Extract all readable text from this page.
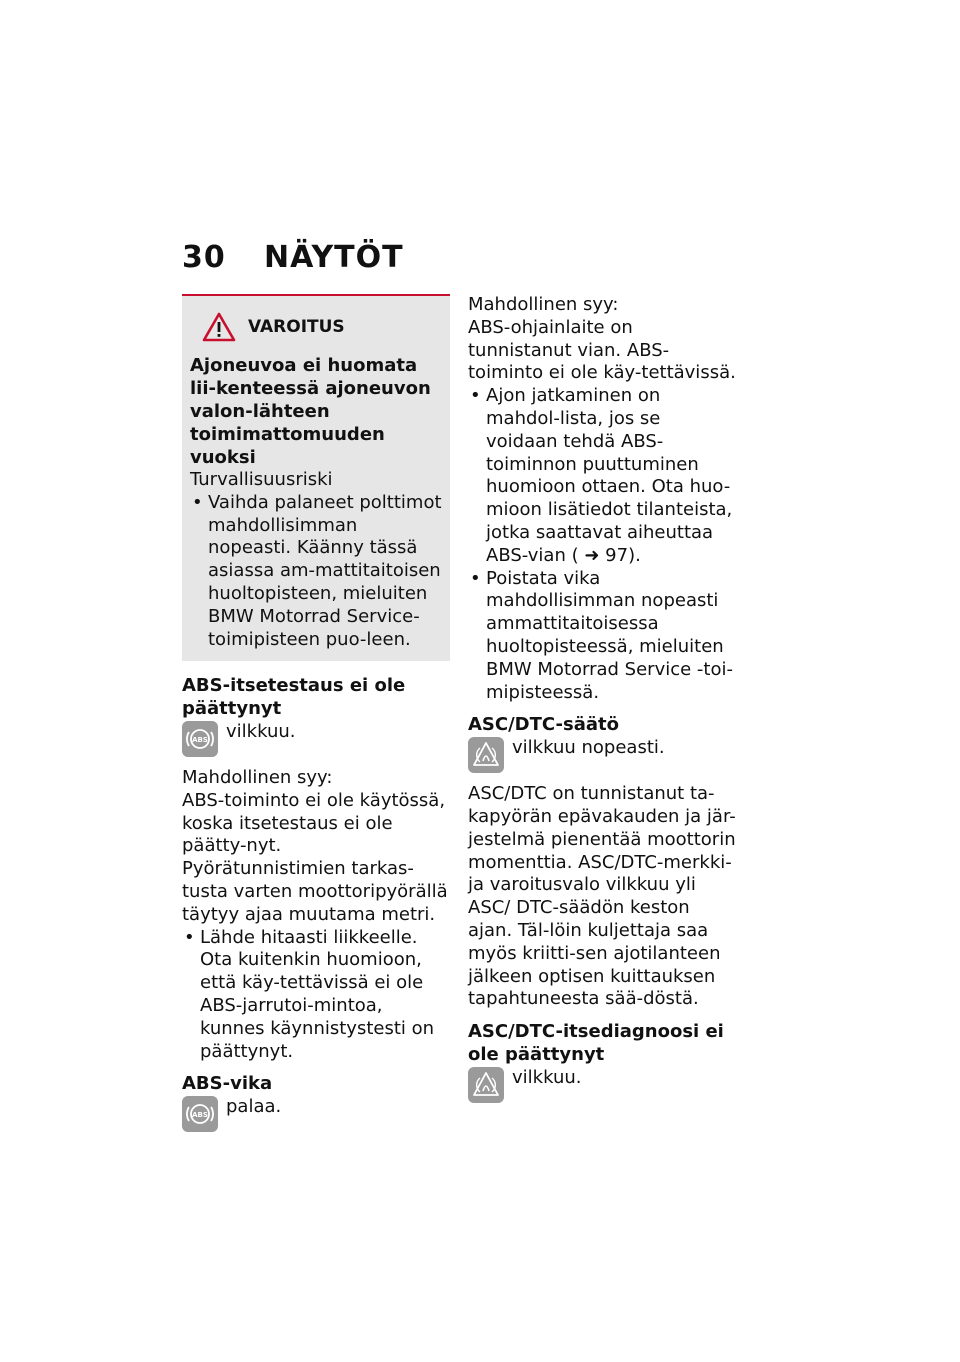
30 NÄYTÖT
VAROITUS

Ajoneuvoa ei huomata lii-kenteessä ajoneuvon valon-lähteen toimimattomuuden vuoksi

Turvallisuusriski

• Vaihda palaneet polttimot mahdollisimman nopeasti. Käänny tässä asiassa am-mattitaitoisen huoltopisteen, mieluiten BMW Motorrad Service-toimipisteen puo-leen.

ABS-itsetestaus ei ole päättynyt

ABS vilkkuu.

Mahdollinen syy:

ABS-toiminto ei ole käytössä, koska itsetestaus ei ole päätty-nyt. Pyörätunnistimien tarkas-tusta varten moottoripyörällä täytyy ajaa muutama metri.

• Lähde hitaasti liikkeelle. Ota kuitenkin huomioon, että käy-tettävissä ei ole ABS-jarrutoi-mintoa, kunnes käynnistystesti on päättynyt.

ABS-vika

ABS palaa.

Mahdollinen syy:

ABS-ohjainlaite on tunnistanut vian. ABS-toiminto ei ole käy-tettävissä.

• Ajon jatkaminen on mahdol-lista, jos se voidaan tehdä ABS-toiminnon puuttuminen huomioon ottaen. Ota huo-mioon lisätiedot tilanteista, jotka saattavat aiheuttaa ABS-vian ( ➜ 97).

• Poistata vika mahdollisimman nopeasti ammattitaitoisessa huoltopisteessä, mieluiten BMW Motorrad Service -toi-mipisteessä.

ASC/DTC-säätö

vilkkuu nopeasti.

ASC/DTC on tunnistanut ta-kapyörän epävakauden ja jär-jestelmä pienentää moottorin momenttia. ASC/DTC-merkki-ja varoitusvalo vilkkuu yli ASC/ DTC-säädön keston ajan. Täl-löin kuljettaja saa myös kriitti-sen ajotilanteen jälkeen optisen kuittauksen tapahtuneesta sää-döstä.

ASC/DTC-itsediagnoosi ei ole päättynyt

vilkkuu.
